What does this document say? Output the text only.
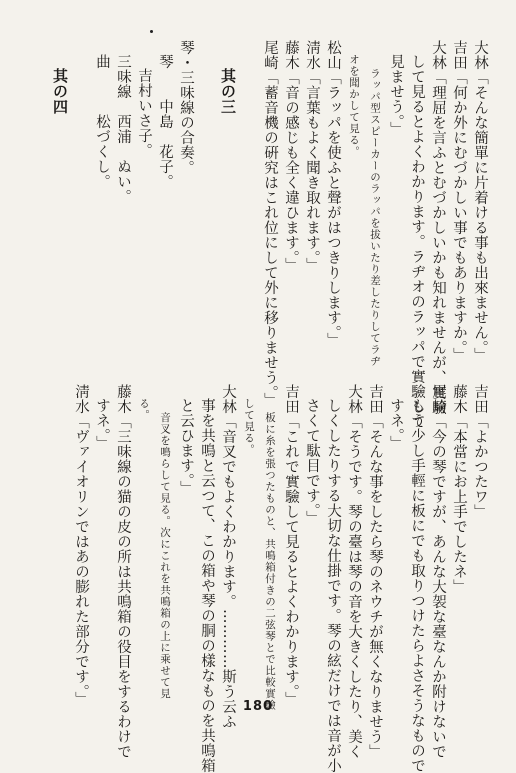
大林「そんな簡單に片着ける事も出來ません。」
吉田「何か外にむづかしい事でもありますか。」
大林「理屈を言ふとむづかしいかも知れませんが、實驗
して見るとよくわかります。ラヂオのラッパで實驗して
見ませう。」
ラッパ型スピーカーのラッパを拔いたり差したりしてラヂ
オを聞かして見る。
松山「ラッパを使ふと聲がはつきりします。」
淸水「言葉もよく聞き取れます。」
藤木「音の感じも全く違ひます。」
尾崎「蓄音機の硏究はこれ位にして外に移りませう。」

其の三

琴・三味線の合奏。
琴　　中島　花子。
吉村いさ子。
三味線　西浦　ぬい。
曲　　　松づくし。

其の四
吉田「よかつたワ」
藤木「本當にお上手でしたネ」
尾崎「今の琴ですが、あんな大袈な臺なんか附けないで
もう少し手輕に板にでも取りつけたらよさそうなもので
すネ。」
吉田「そんな事をしたら琴のネウチが無くなりませう」
大林「そうです。琴の臺は琴の音を大きくしたり、美く
しくしたりする大切な仕掛です。琴の絃だけでは音が小
さくて駄目です。」
吉田「これで實驗して見るとよくわかります。」
板に糸を張つたものと、共鳴箱付きの二弦琴とで比較實驗
して見る。
大林「音叉でもよくわかります。…………斯う云ふ
事を共鳴と云つて、この箱や琴の胴の樣なものを共鳴箱
と云ひます。」
音叉を鳴らして見る。次にこれを共鳴箱の上に乘せて見
る。
藤木「三味線の猫の皮の所は共鳴箱の役目をするわけで
すネ。」
淸水「ヴァイオリンではあの膨れた部分です。」	180
